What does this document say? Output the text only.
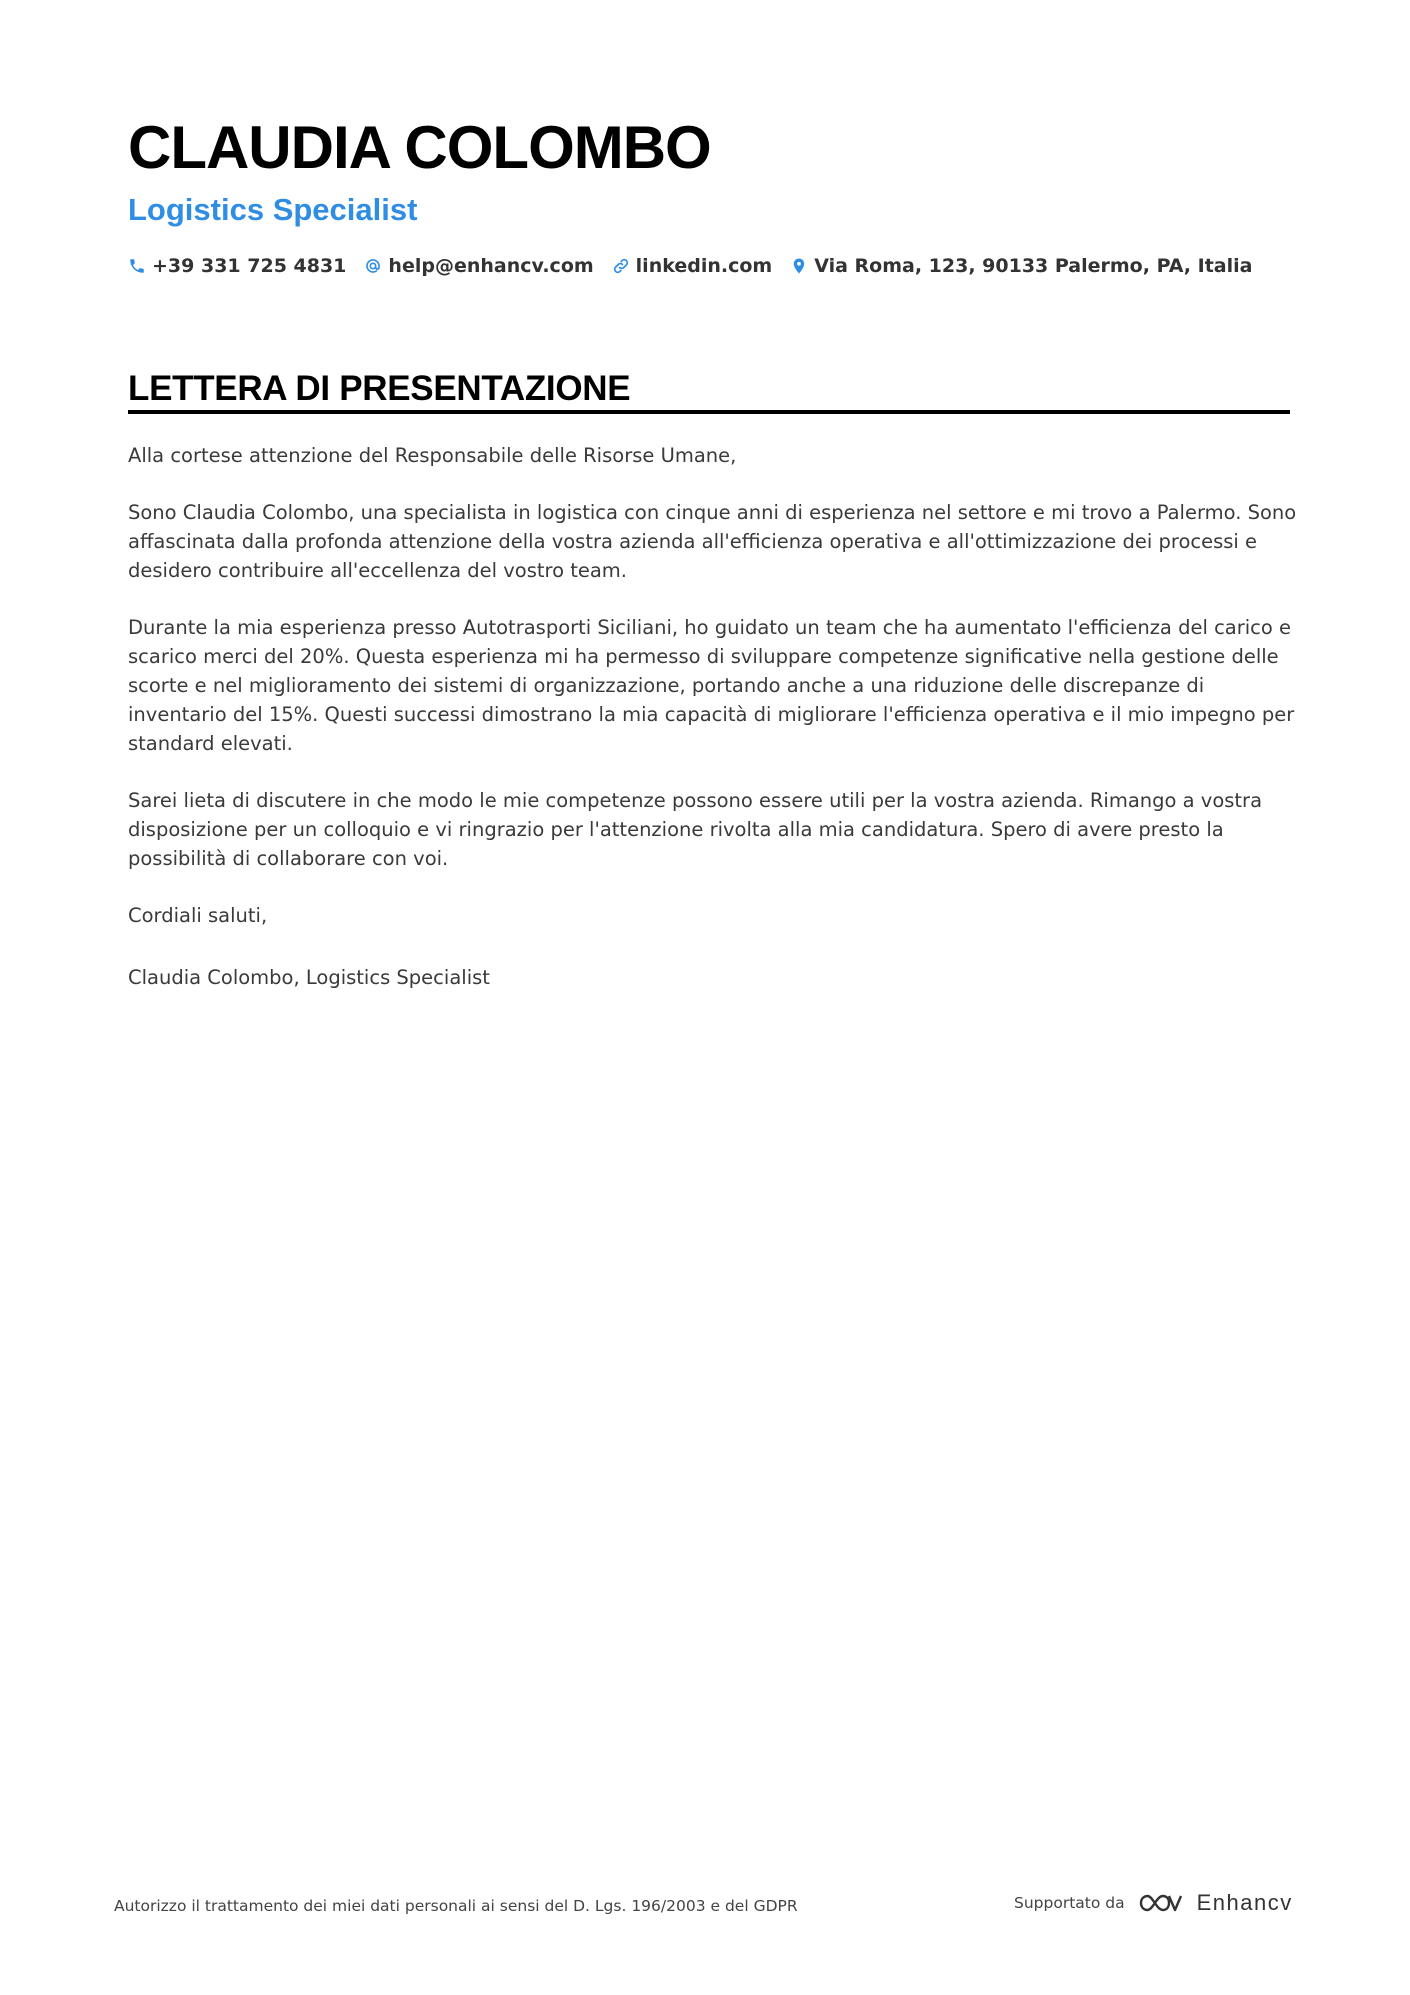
CLAUDIA COLOMBO
Logistics Specialist
+39 331 725 4831 help@enhancv.com linkedin.com Via Roma, 123, 90133 Palermo, PA, Italia
LETTERA DI PRESENTAZIONE

Alla cortese attenzione del Responsabile delle Risorse Umane,

Sono Claudia Colombo, una specialista in logistica con cinque anni di esperienza nel settore e mi trovo a Palermo. Sono affascinata dalla profonda attenzione della vostra azienda all'efficienza operativa e all'ottimizzazione dei processi e desidero contribuire all'eccellenza del vostro team.

Durante la mia esperienza presso Autotrasporti Siciliani, ho guidato un team che ha aumentato l'efficienza del carico e scarico merci del 20%. Questa esperienza mi ha permesso di sviluppare competenze significative nella gestione delle scorte e nel miglioramento dei sistemi di organizzazione, portando anche a una riduzione delle discrepanze di inventario del 15%. Questi successi dimostrano la mia capacità di migliorare l'efficienza operativa e il mio impegno per standard elevati.

Sarei lieta di discutere in che modo le mie competenze possono essere utili per la vostra azienda. Rimango a vostra disposizione per un colloquio e vi ringrazio per l'attenzione rivolta alla mia candidatura. Spero di avere presto la possibilità di collaborare con voi.

Cordiali saluti,

Claudia Colombo, Logistics Specialist

Autorizzo il trattamento dei miei dati personali ai sensi del D. Lgs. 196/2003 e del GDPR	Supportato da	Enhancv
